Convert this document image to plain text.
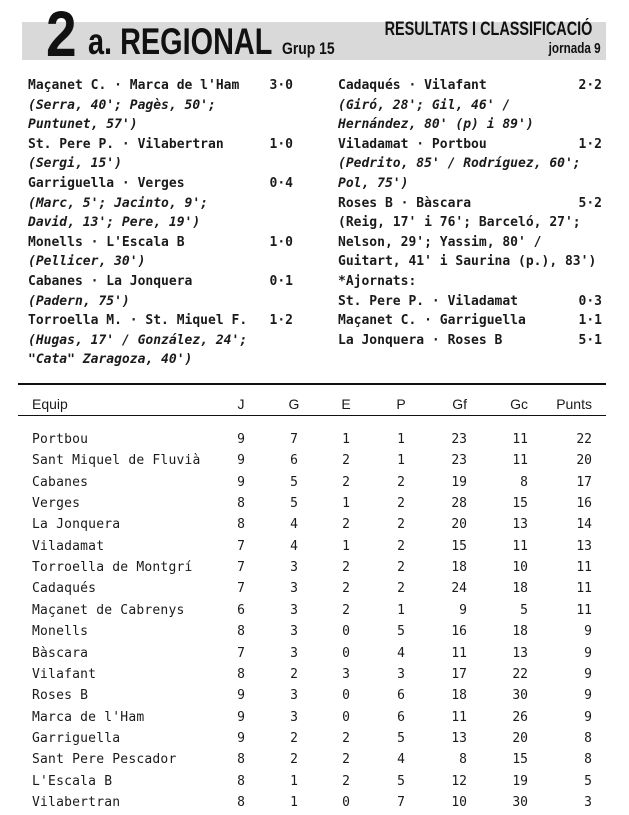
2 a. REGIONAL Grup 15
RESULTATS I CLASSIFICACIÓ
jornada 9
Maçanet C. · Marca de l'Ham 3·0
(Serra, 40'; Pagès, 50';
Puntunet, 57')
St. Pere P. · Vilabertran	1·0
(Sergi, 15')
Garriguella · Verges	0·4
(Marc, 5'; Jacinto, 9';
David, 13'; Pere, 19')
Monells · L'Escala B	1·0
(Pellicer, 30')
Cabanes · La Jonquera	0·1
(Padern, 75')
Torroella M. · St. Miquel F. 1·2
(Hugas, 17' / González, 24';
"Cata" Zaragoza, 40')
Cadaqués · Vilafant	2·2
(Giró, 28'; Gil, 46' /
Hernández, 80' (p) i 89')
Viladamat · Portbou	1·2
(Pedrito, 85' / Rodríguez, 60';
Pol, 75')
Roses B · Bàscara	5·2
(Reig, 17' i 76'; Barceló, 27';
Nelson, 29'; Yassim, 80' /
Guitart, 41' i Saurina (p.), 83')
*Ajornats:
St. Pere P. · Viladamat	0·3
Maçanet C. · Garriguella	1·1
La Jonquera · Roses B	5·1
Equip	J	G	E	P	Gf	Gc Punts
Portbou	9	7	1	1	23	11	22
Sant Miquel de Fluvià	9	6	2	1	23	11	20
Cabanes	9	5	2	2	19	8	17
Verges	8	5	1	2	28	15	16
La Jonquera	8	4	2	2	20	13	14
Viladamat	7	4	1	2	15	11	13
Torroella de Montgrí	7	3	2	2	18	10	11
Cadaqués	7	3	2	2	24	18	11
Maçanet de Cabrenys	6	3	2	1	9	5	11
Monells	8	3	0	5	16	18	9
Bàscara	7	3	0	4	11	13	9
Vilafant	8	2	3	3	17	22	9
Roses B	9	3	0	6	18	30	9
Marca de l'Ham	9	3	0	6	11	26	9
Garriguella	9	2	2	5	13	20	8
Sant Pere Pescador	8	2	2	4	8	15	8
L'Escala B	8	1	2	5	12	19	5
Vilabertran	8	1	0	7	10	30	3
